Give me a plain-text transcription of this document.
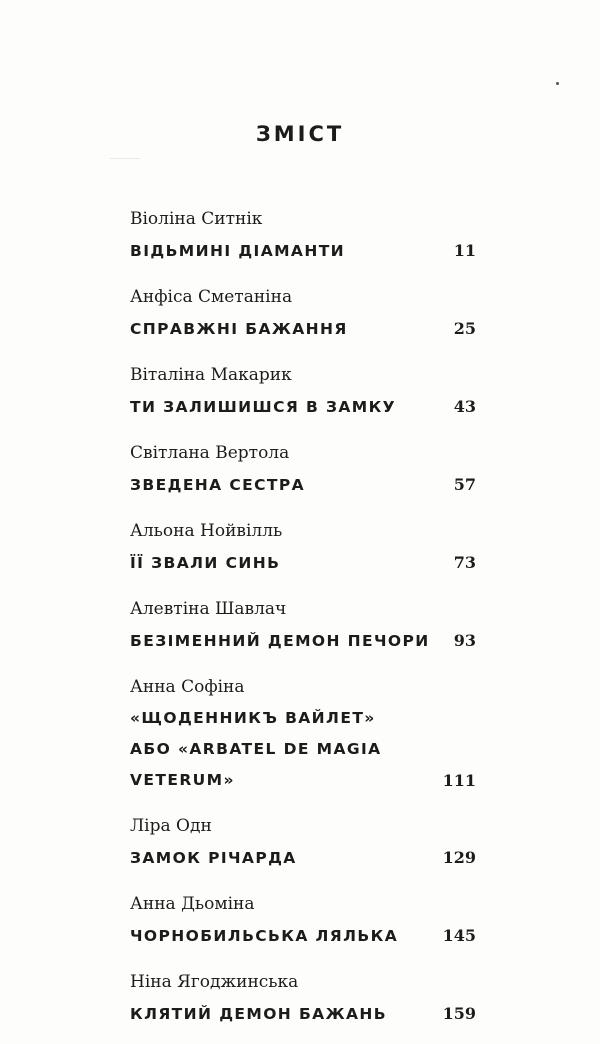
ЗМІСТ
Віоліна Ситнік
ВІДЬМИНІ ДІАМАНТИ	11
Анфіса Сметаніна
СПРАВЖНІ БАЖАННЯ	25
Віталіна Макарик
ТИ ЗАЛИШИШСЯ В ЗАМКУ	43
Світлана Вертола
ЗВЕДЕНА СЕСТРА	57
Альона Нойвілль
ЇЇ ЗВАЛИ СИНЬ	73
Алевтіна Шавлач
БЕЗІМЕННИЙ ДЕМОН ПЕЧОРИ 93
Анна Софіна
«ЩОДЕННИКЪ ВАЙЛЕТ»
АБО «ARBATEL DE MAGIA
VETERUM»	111
Ліра Одн
ЗАМОК РІЧАРДА	129
Анна Дьоміна
ЧОРНОБИЛЬСЬКА ЛЯЛЬКА	145
Ніна Ягоджинська
КЛЯТИЙ ДЕМОН БАЖАНЬ	159
